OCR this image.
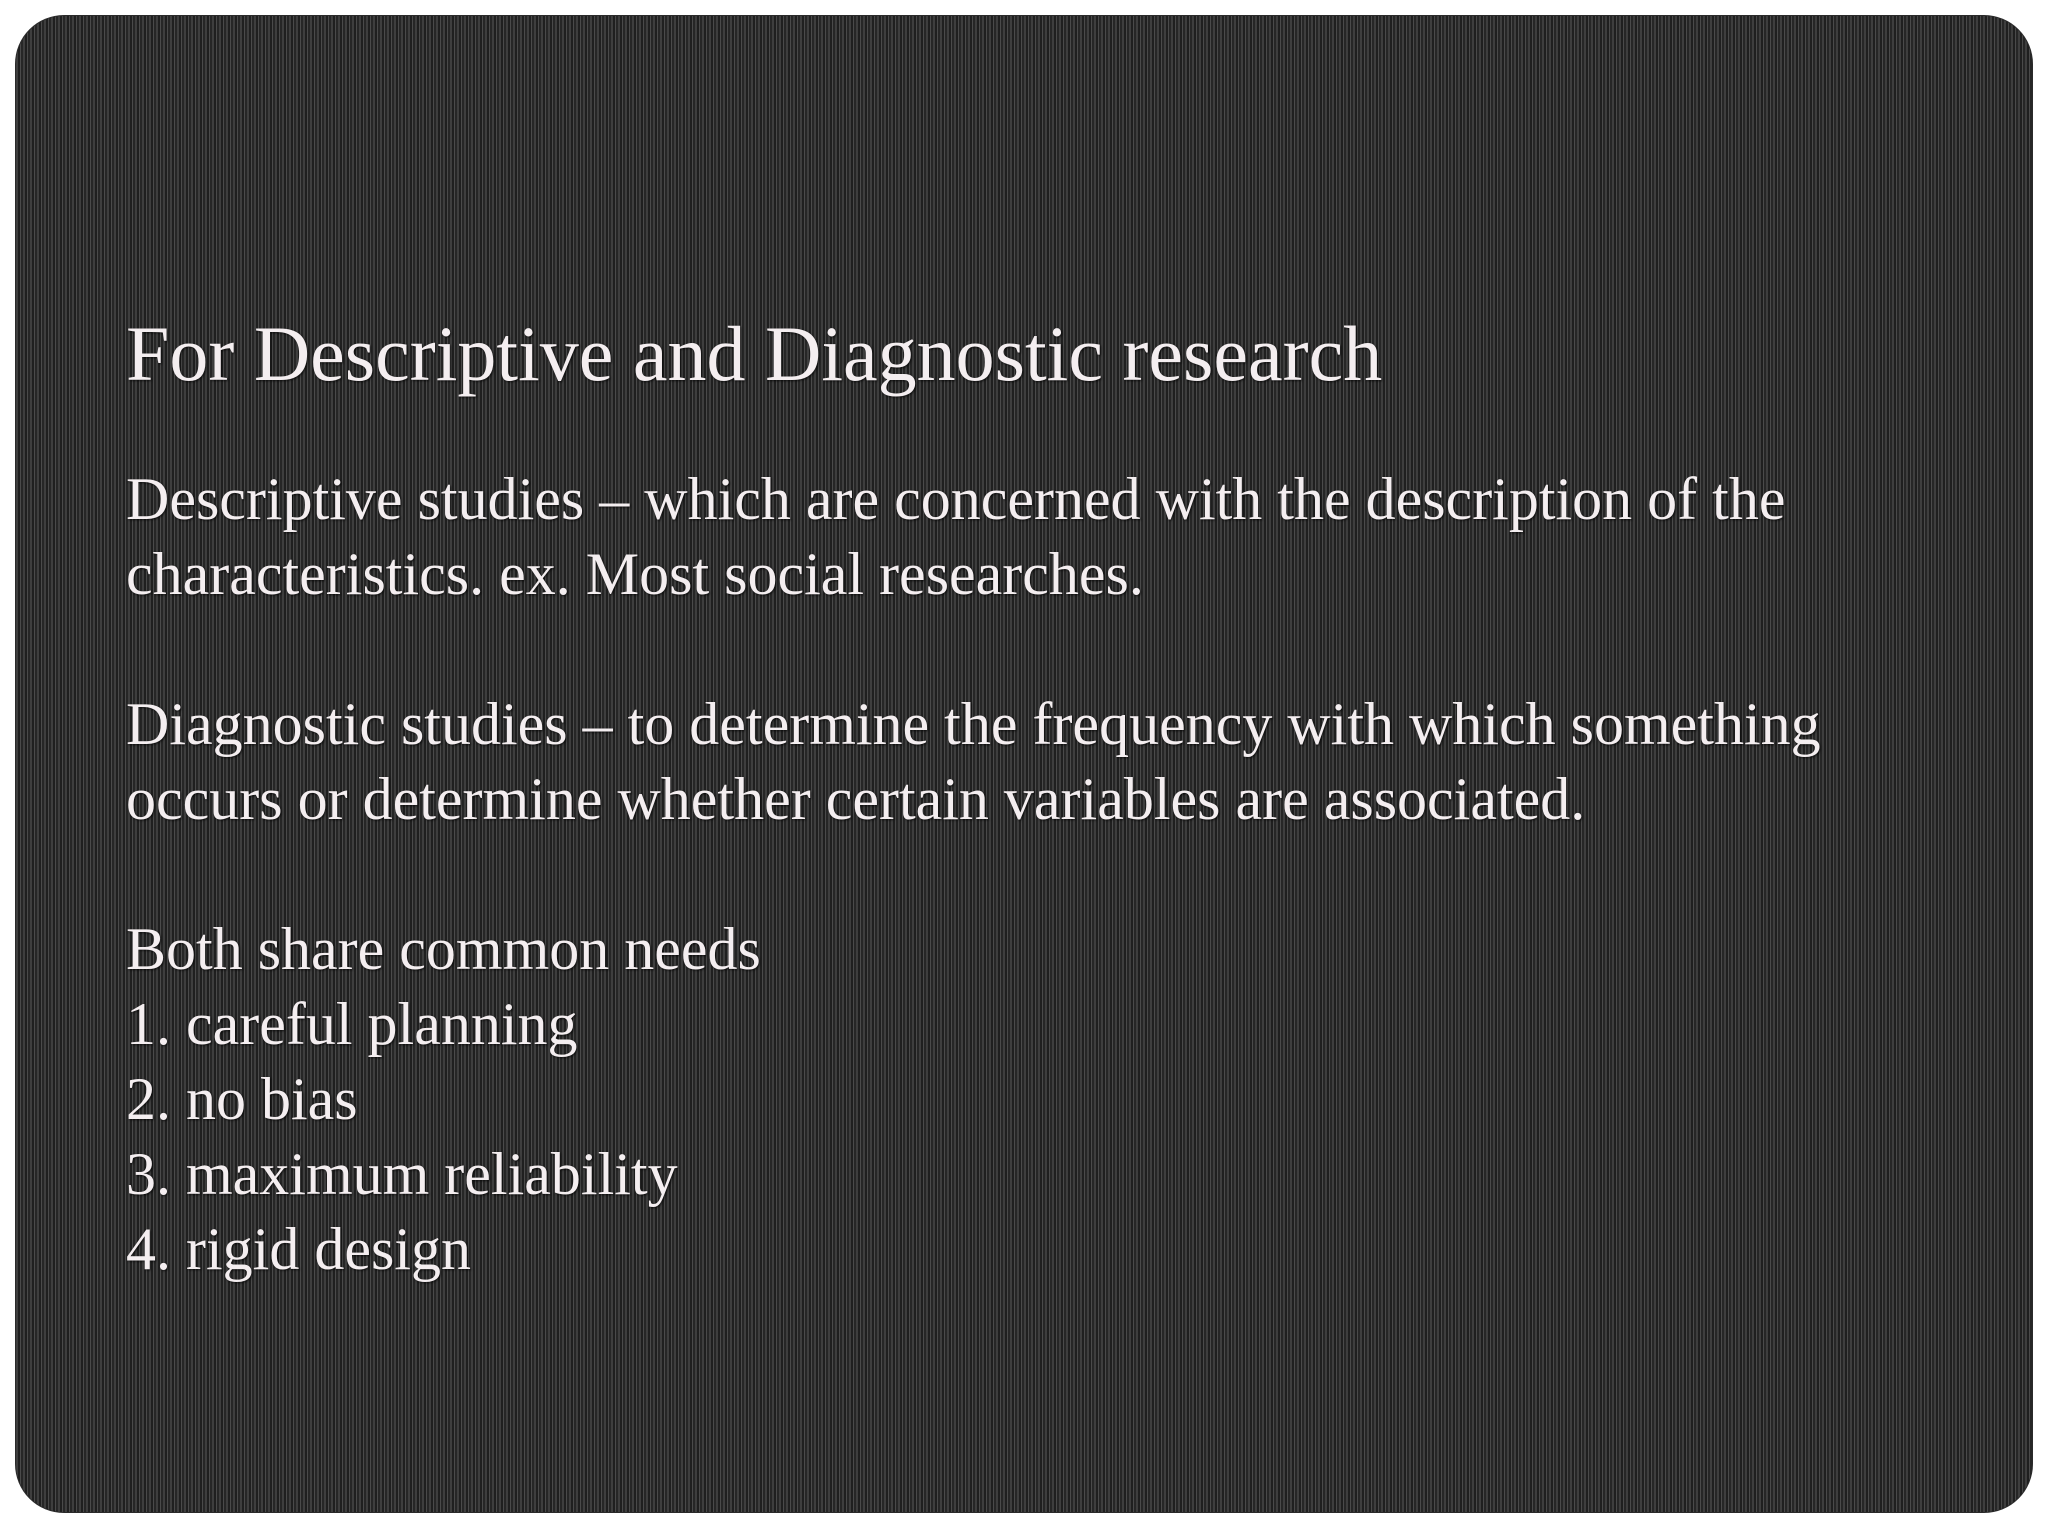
For Descriptive and Diagnostic research
Descriptive studies – which are concerned with the description of the characteristics. ex. Most social researches.
Diagnostic studies – to determine the frequency with which something occurs or determine whether certain variables are associated.
Both share common needs
1. careful planning
2. no bias
3. maximum reliability
4. rigid design
